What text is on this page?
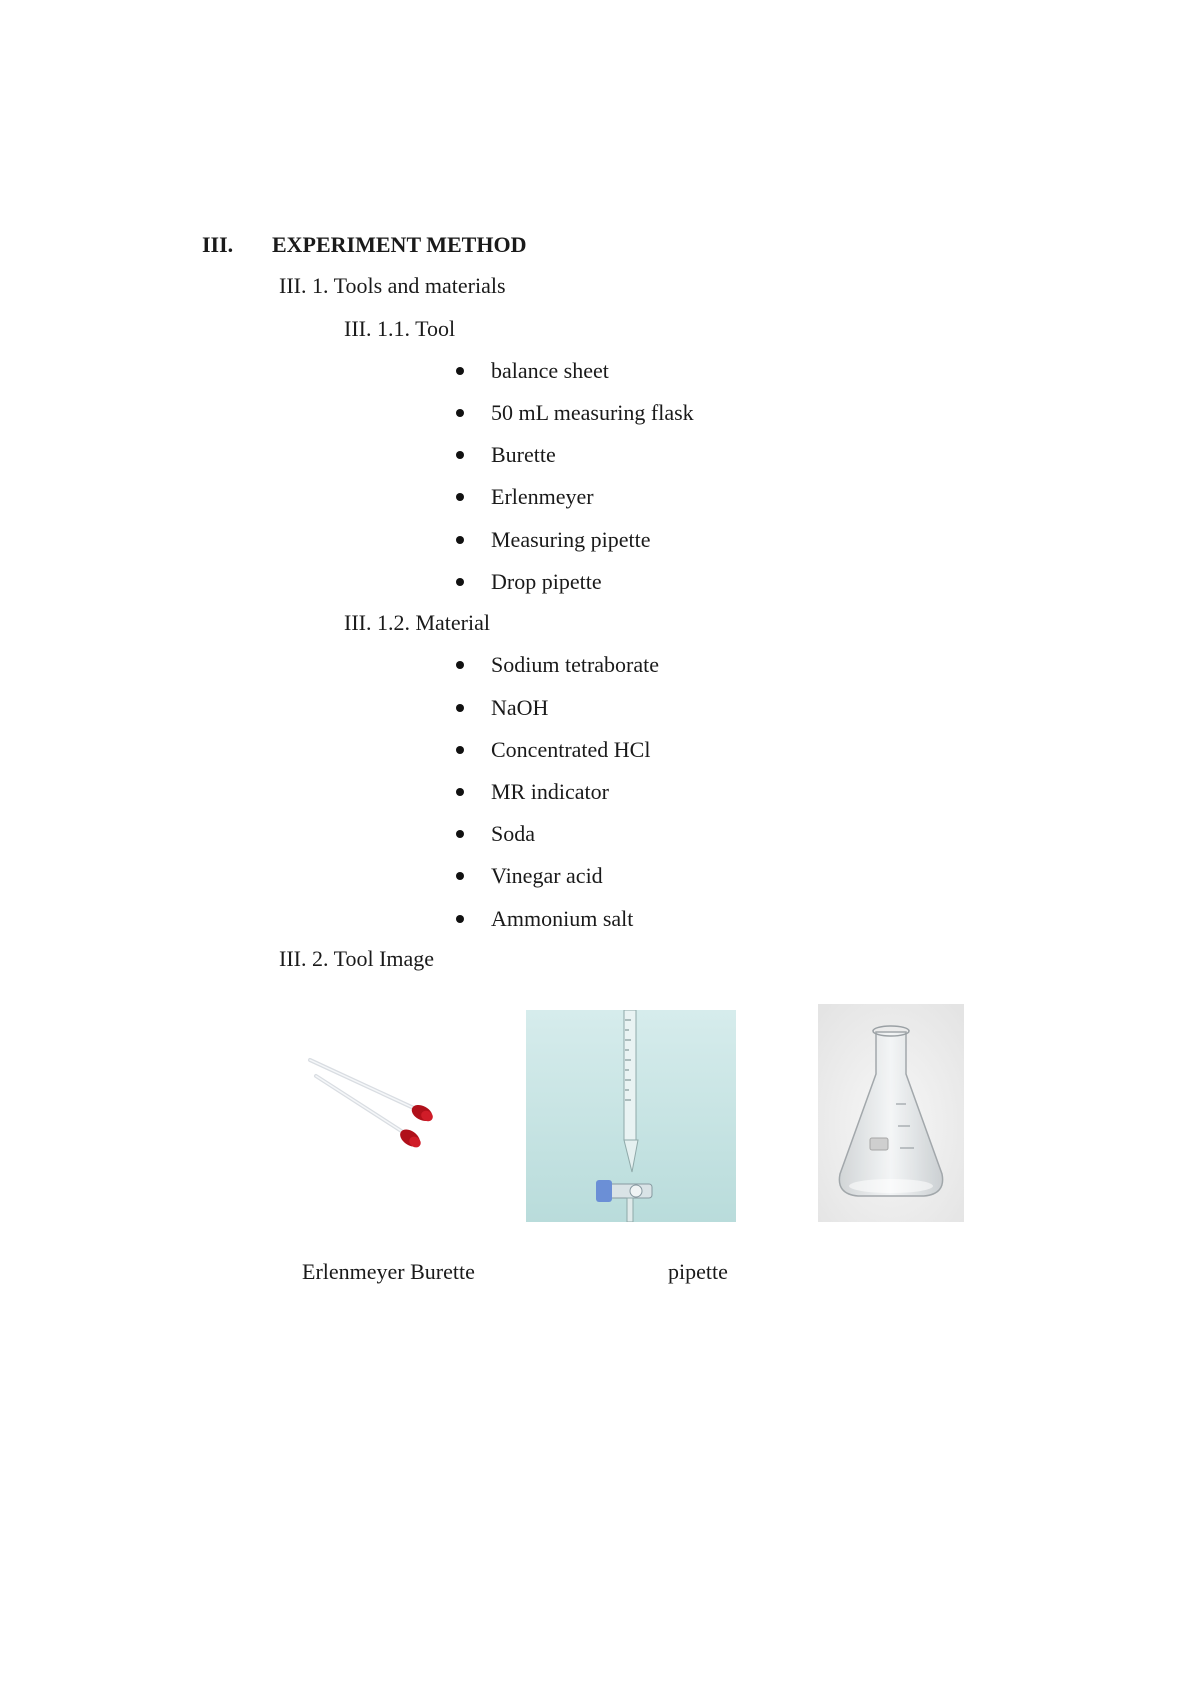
III. EXPERIMENT METHOD
III. 1. Tools and materials
III. 1.1. Tool
balance sheet
50 mL measuring flask
Burette
Erlenmeyer
Measuring pipette
Drop pipette
III. 1.2. Material
Sodium tetraborate
NaOH
Concentrated HCl
MR indicator
Soda
Vinegar acid
Ammonium salt
III. 2. Tool Image
Erlenmeyer Burette	pipette
